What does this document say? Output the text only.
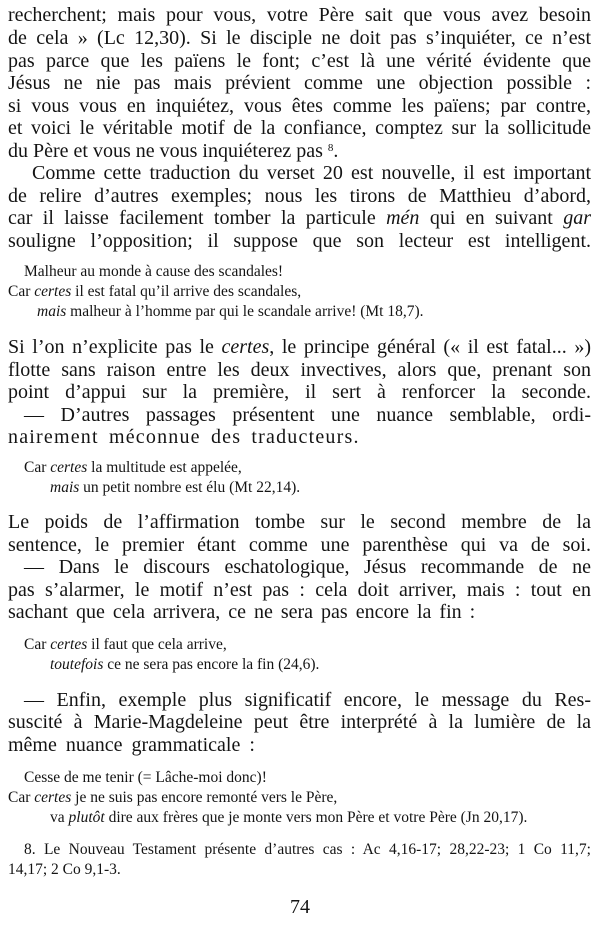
recherchent; mais pour vous, votre Père sait que vous avez besoin
de cela » (Lc 12,30). Si le disciple ne doit pas s’inquiéter, ce n’est
pas parce que les païens le font; c’est là une vérité évidente que
Jésus ne nie pas mais prévient comme une objection possible :
si vous vous en inquiétez, vous êtes comme les païens; par contre,
et voici le véritable motif de la confiance, comptez sur la sollicitude
du Père et vous ne vous inquiéterez pas $^8$.
Comme cette traduction du verset 20 est nouvelle, il est important
de relire d’autres exemples; nous les tirons de Matthieu d’abord,
car il laisse facilement tomber la particule mén qui en suivant gar
souligne l’opposition; il suppose que son lecteur est intelligent.
Malheur au monde à cause des scandales!
Car certes il est fatal qu’il arrive des scandales,
mais malheur à l’homme par qui le scandale arrive! (Mt 18,7).
Si l’on n’explicite pas le certes, le principe général (« il est fatal... »)
flotte sans raison entre les deux invectives, alors que, prenant son
point d’appui sur la première, il sert à renforcer la seconde.
— D’autres passages présentent une nuance semblable, ordi-
nairement méconnue des traducteurs.
Car certes la multitude est appelée,
mais un petit nombre est élu (Mt 22,14).
Le poids de l’affirmation tombe sur le second membre de la
sentence, le premier étant comme une parenthèse qui va de soi.
— Dans le discours eschatologique, Jésus recommande de ne
pas s’alarmer, le motif n’est pas : cela doit arriver, mais : tout en
sachant que cela arrivera, ce ne sera pas encore la fin :
Car certes il faut que cela arrive,
toutefois ce ne sera pas encore la fin (24,6).
— Enfin, exemple plus significatif encore, le message du Res-
suscité à Marie-Magdeleine peut être interprété à la lumière de la
même nuance grammaticale :
Cesse de me tenir (= Lâche-moi donc)!
Car certes je ne suis pas encore remonté vers le Père,
va plutôt dire aux frères que je monte vers mon Père et votre Père (Jn 20,17).
8. Le Nouveau Testament présente d’autres cas : Ac 4,16-17; 28,22-23; 1 Co 11,7;
14,17; 2 Co 9,1-3.
74
